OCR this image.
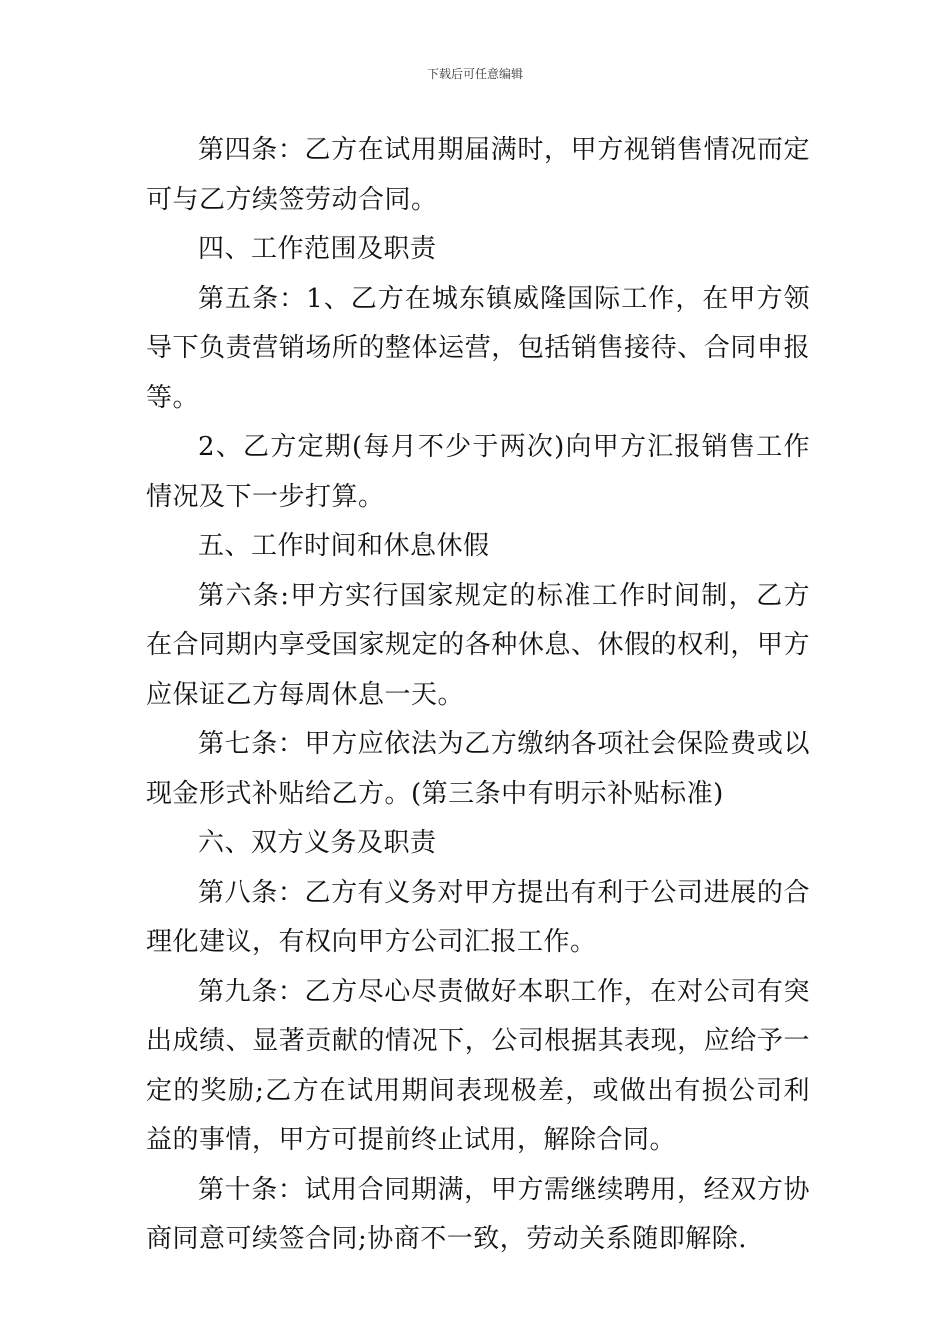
下载后可任意编辑

第四条：乙方在试用期届满时，甲方视销售情况而定可与乙方续签劳动合同。

四、工作范围及职责

第五条：1、乙方在城东镇威隆国际工作，在甲方领导下负责营销场所的整体运营，包括销售接待、合同申报等。

2、乙方定期(每月不少于两次)向甲方汇报销售工作情况及下一步打算。

五、工作时间和休息休假

第六条:甲方实行国家规定的标准工作时间制，乙方在合同期内享受国家规定的各种休息、休假的权利，甲方应保证乙方每周休息一天。

第七条：甲方应依法为乙方缴纳各项社会保险费或以现金形式补贴给乙方。(第三条中有明示补贴标准)

六、双方义务及职责

第八条：乙方有义务对甲方提出有利于公司进展的合理化建议，有权向甲方公司汇报工作。

第九条：乙方尽心尽责做好本职工作，在对公司有突出成绩、显著贡献的情况下，公司根据其表现，应给予一定的奖励;乙方在试用期间表现极差，或做出有损公司利益的事情，甲方可提前终止试用，解除合同。

第十条：试用合同期满，甲方需继续聘用，经双方协商同意可续签合同;协商不一致，劳动关系随即解除.
